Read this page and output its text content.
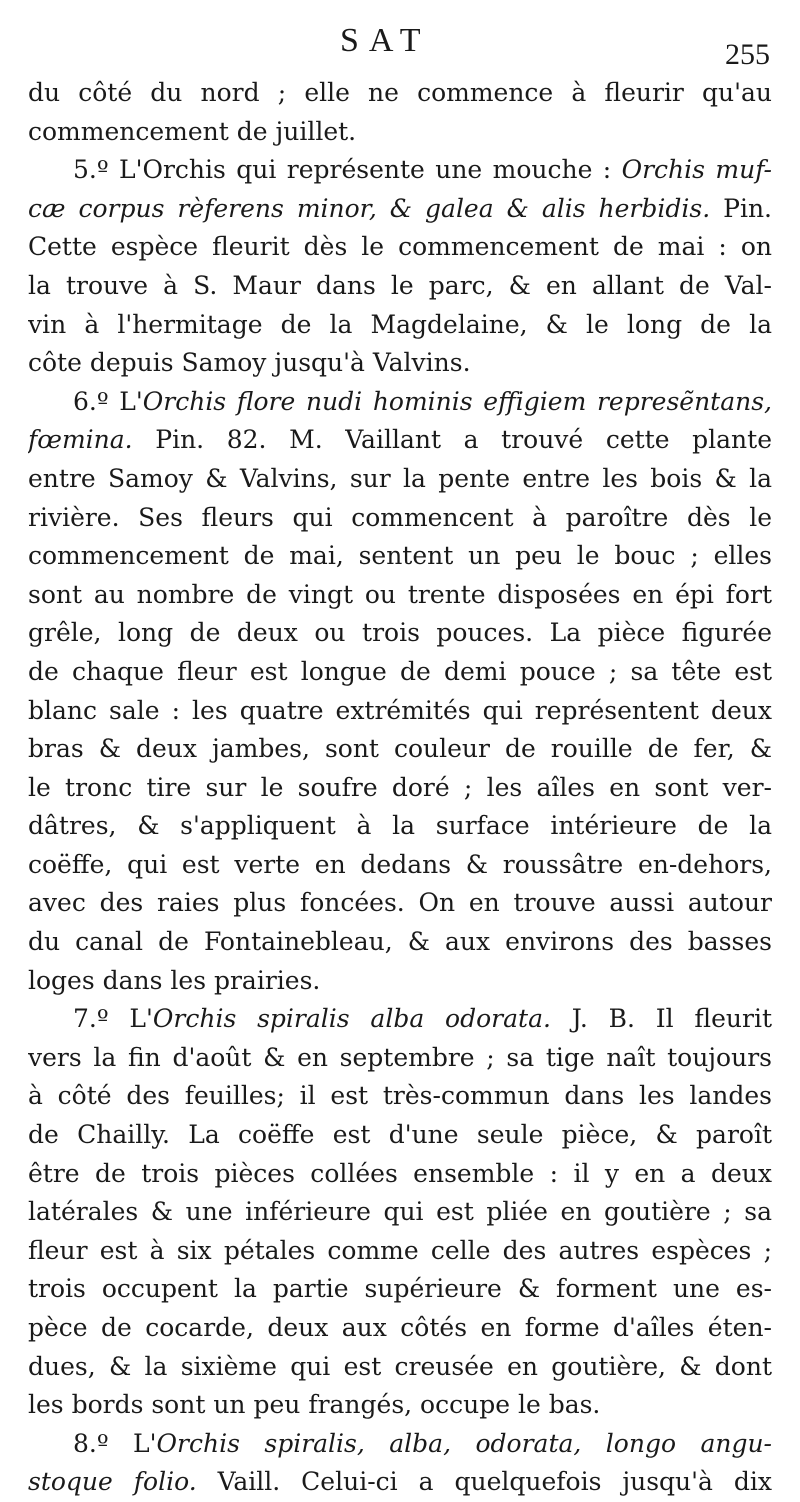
SAT	255
du côté du nord ; elle ne commence à fleurir qu'au
commencement de juillet.
5.º L'Orchis qui représente une mouche : Orchis muf-
cæ corpus rèferens minor, & galea & alis herbidis. Pin.
Cette espèce fleurit dès le commencement de mai : on
la trouve à S. Maur dans le parc, & en allant de Val-
vin à l'hermitage de la Magdelaine, & le long de la
côte depuis Samoy jusqu'à Valvins.
6.º L'Orchis flore nudi hominis effigiem represẽntans,
fœmina. Pin. 82. M. Vaillant a trouvé cette plante
entre Samoy & Valvins, sur la pente entre les bois & la
rivière. Ses fleurs qui commencent à paroître dès le
commencement de mai, sentent un peu le bouc ; elles
sont au nombre de vingt ou trente disposées en épi fort
grêle, long de deux ou trois pouces. La pièce figurée
de chaque fleur est longue de demi pouce ; sa tête est
blanc sale : les quatre extrémités qui représentent deux
bras & deux jambes, sont couleur de rouille de fer, &
le tronc tire sur le soufre doré ; les aîles en sont ver-
dâtres, & s'appliquent à la surface intérieure de la
coëffe, qui est verte en dedans & roussâtre en-dehors,
avec des raies plus foncées. On en trouve aussi autour
du canal de Fontainebleau, & aux environs des basses
loges dans les prairies.
7.º L'Orchis spiralis alba odorata. J. B. Il fleurit
vers la fin d'août & en septembre ; sa tige naît toujours
à côté des feuilles; il est très-commun dans les landes
de Chailly. La coëffe est d'une seule pièce, & paroît
être de trois pièces collées ensemble : il y en a deux
latérales & une inférieure qui est pliée en goutière ; sa
fleur est à six pétales comme celle des autres espèces ;
trois occupent la partie supérieure & forment une es-
pèce de cocarde, deux aux côtés en forme d'aîles éten-
dues, & la sixième qui est creusée en goutière, & dont
les bords sont un peu frangés, occupe le bas.
8.º L'Orchis spiralis, alba, odorata, longo angu-
stoque folio. Vaill. Celui-ci a quelquefois jusqu'à dix
